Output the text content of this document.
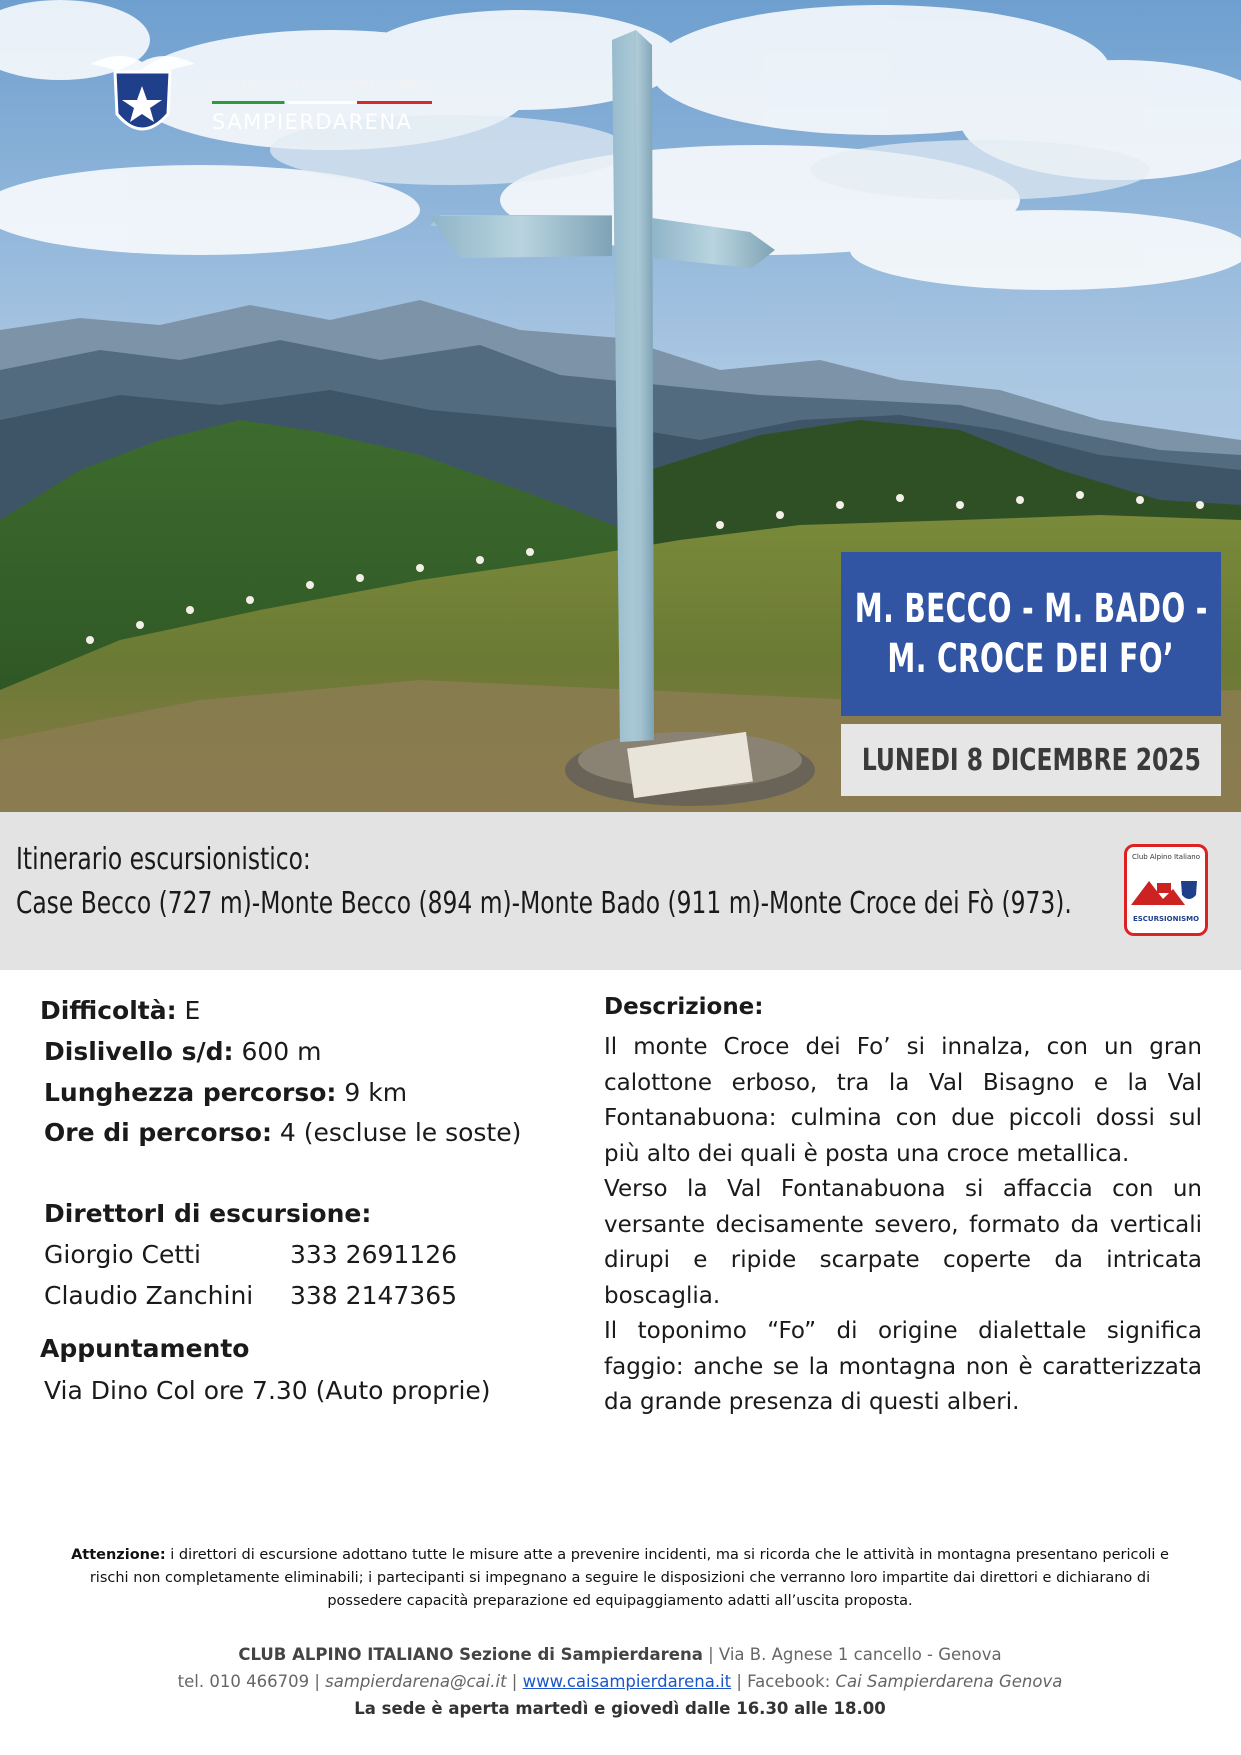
CLUB ALPINO ITALIANO
SAMPIERDARENA
M. BECCO - M. BADO -
M. CROCE DEI FO’
LUNEDI 8 DICEMBRE 2025
Itinerario escursionistico:
Case Becco (727 m)-Monte Becco (894 m)-Monte Bado (911 m)-Monte Croce dei Fò (973).
Club Alpino Italiano
ESCURSIONISMO
Difficoltà: E
Dislivello s/d: 600 m
Lunghezza percorso: 9 km
Ore di percorso: 4 (escluse le soste)
DirettorI di escursione:
Giorgio Cetti	333 2691126
Claudio Zanchini 338 2147365
Appuntamento
Via Dino Col ore 7.30 (Auto proprie)
Descrizione:

Il monte Croce dei Fo’ si innalza, con un gran calottone erboso, tra la Val Bisagno e la Val Fontanabuona: culmina con due piccoli dossi sul più alto dei quali è posta una croce metallica.

Verso la Val Fontanabuona si affaccia con un versante decisamente severo, formato da verticali dirupi e ripide scarpate coperte da intricata boscaglia.

Il toponimo “Fo” di origine dialettale significa faggio: anche se la montagna non è caratterizzata da grande presenza di questi alberi.

Attenzione: i direttori di escursione adottano tutte le misure atte a prevenire incidenti, ma si ricorda che le attività in montagna presentano pericoli e rischi non completamente eliminabili; i partecipanti si impegnano a seguire le disposizioni che verranno loro impartite dai direttori e dichiarano di possedere capacità preparazione ed equipaggiamento adatti all’uscita proposta.
CLUB ALPINO ITALIANO Sezione di Sampierdarena | Via B. Agnese 1 cancello - Genova
tel. 010 466709 | sampierdarena@cai.it | www.caisampierdarena.it | Facebook: Cai Sampierdarena Genova
La sede è aperta martedì e giovedì dalle 16.30 alle 18.00
